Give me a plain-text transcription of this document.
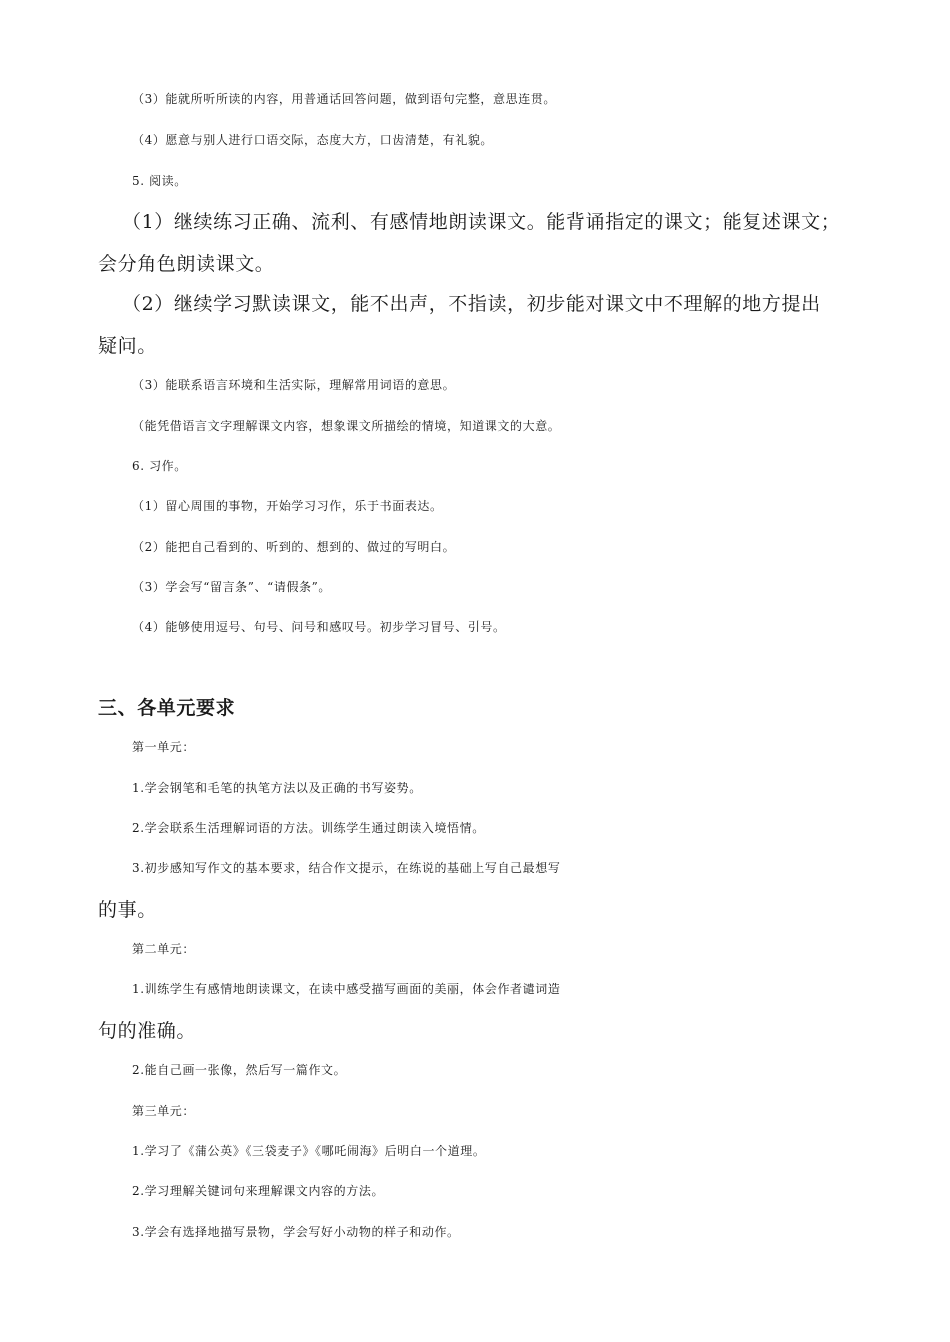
（3）能就所听所读的内容，用普通话回答问题，做到语句完整，意思连贯。
（4）愿意与别人进行口语交际，态度大方，口齿清楚，有礼貌。
5. 阅读。
（1）继续练习正确、流利、有感情地朗读课文。能背诵指定的课文；能复述课文；
会分角色朗读课文。
（2）继续学习默读课文，能不出声，不指读，初步能对课文中不理解的地方提出
疑问。
（3）能联系语言环境和生活实际，理解常用词语的意思。
（能凭借语言文字理解课文内容，想象课文所描绘的情境，知道课文的大意。
6. 习作。
（1）留心周围的事物，开始学习习作，乐于书面表达。
（2）能把自己看到的、听到的、想到的、做过的写明白。
（3）学会写“留言条”、“请假条”。
（4）能够使用逗号、句号、问号和感叹号。初步学习冒号、引号。
三、各单元要求
第一单元：
1.学会钢笔和毛笔的执笔方法以及正确的书写姿势。
2.学会联系生活理解词语的方法。训练学生通过朗读入境悟情。
3.初步感知写作文的基本要求，结合作文提示，在练说的基础上写自己最想写
的事。
第二单元：
1.训练学生有感情地朗读课文，在读中感受描写画面的美丽，体会作者谴词造
句的准确。
2.能自己画一张像，然后写一篇作文。
第三单元：
1.学习了《蒲公英》《三袋麦子》《哪吒闹海》后明白一个道理。
2.学习理解关键词句来理解课文内容的方法。
3.学会有选择地描写景物，学会写好小动物的样子和动作。
